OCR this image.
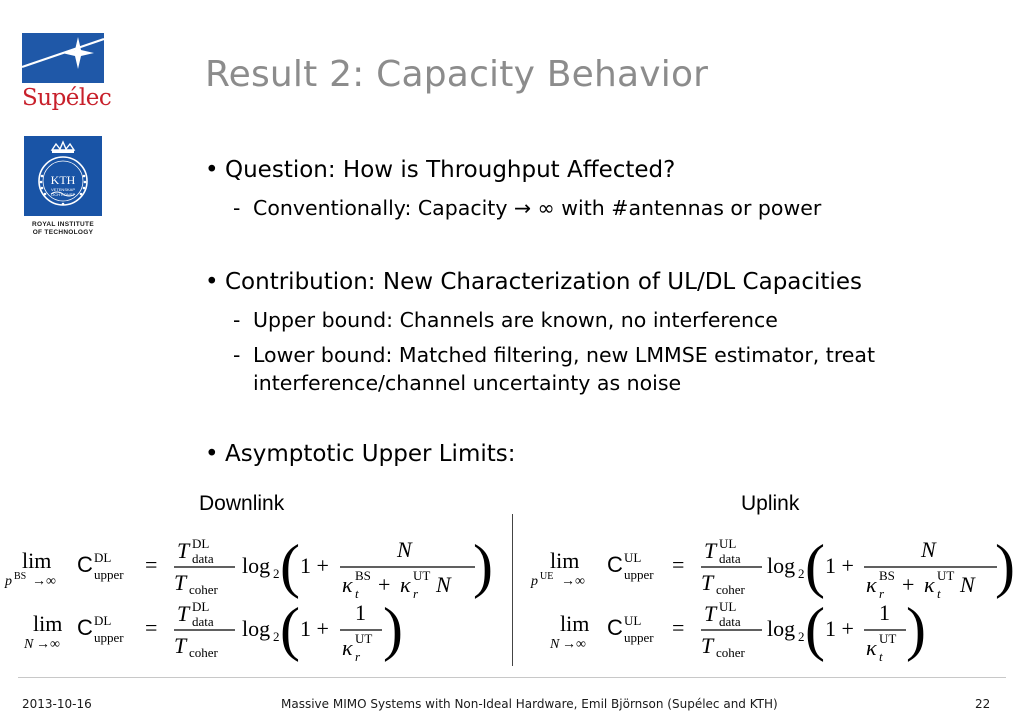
Supélec
KTH
VETENSKAP
OCH KONST
ROYAL INSTITUTE
OF TECHNOLOGY
Result 2: Capacity Behavior
• Question: How is Throughput Affected?
- Conventionally: Capacity → ∞ with #antennas or power
• Contribution: New Characterization of UL/DL Capacities
- Upper bound: Channels are known, no interference
- Lower bound: Matched filtering, new LMMSE estimator, treat
interference/channel uncertainty as noise
• Asymptotic Upper Limits:
Downlink	Uplink
lim
p BS →∞
C DL
upper =
T DL
data
T coher
log 2 ( 1 +
N
κ BS
t + κ UT
r N )
lim
N →∞
C DL
upper =
T DL
data
T coher
log 2 ( 1 +
1
κ UT
r )
lim
p UE →∞
C UL
upper =
T UL
data
T coher
log 2 ( 1 +
N
κ BS
r + κ UT
t N )
lim
N →∞
C UL
upper =
T UL
data
T coher
log 2 ( 1 +
1
κ UT
t )
2013-10-16	Massive MIMO Systems with Non-Ideal Hardware, Emil Björnson (Supélec and KTH)	22
